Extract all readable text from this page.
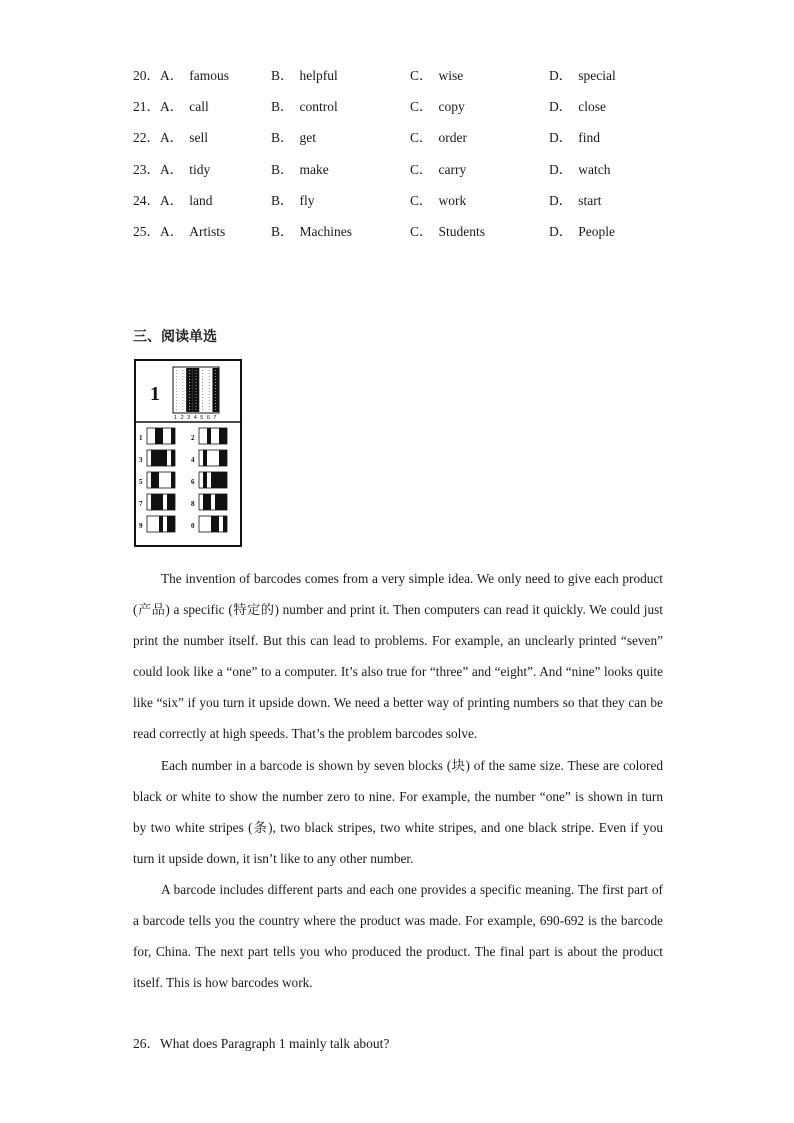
20． A． famous	B． helpful	C． wise	D． special
21． A． call	B． control	C． copy	D． close
22． A． sell	B． get	C． order	D． find
23． A． tidy	B． make	C． carry	D． watch
24． A． land	B． fly	C． work	D． start
25． A． Artists	B． Machines	C． Students	D． People
三、阅读单选
1
1 2 3 4 5 6 7
1	2
3	4
5	6
7	8
9	0

The invention of barcodes comes from a very simple idea. We only need to give each product (产品) a specific (特定的) number and print it. Then computers can read it quickly. We could just print the number itself. But this can lead to problems. For example, an unclearly printed “seven” could look like a “one” to a computer. It’s also true for “three” and “eight”. And “nine” looks quite like “six” if you turn it upside down. We need a better way of printing numbers so that they can be read correctly at high speeds. That’s the problem barcodes solve.

Each number in a barcode is shown by seven blocks (块) of the same size. These are colored black or white to show the number zero to nine. For example, the number “one” is shown in turn by two white stripes (条), two black stripes, two white stripes, and one black stripe. Even if you turn it upside down, it isn’t like to any other number.

A barcode includes different parts and each one provides a specific meaning. The first part of a barcode tells you the country where the product was made. For example, 690-692 is the barcode for, China. The next part tells you who produced the product. The final part is about the product itself. This is how barcodes work.

26．What does Paragraph 1 mainly talk about?
